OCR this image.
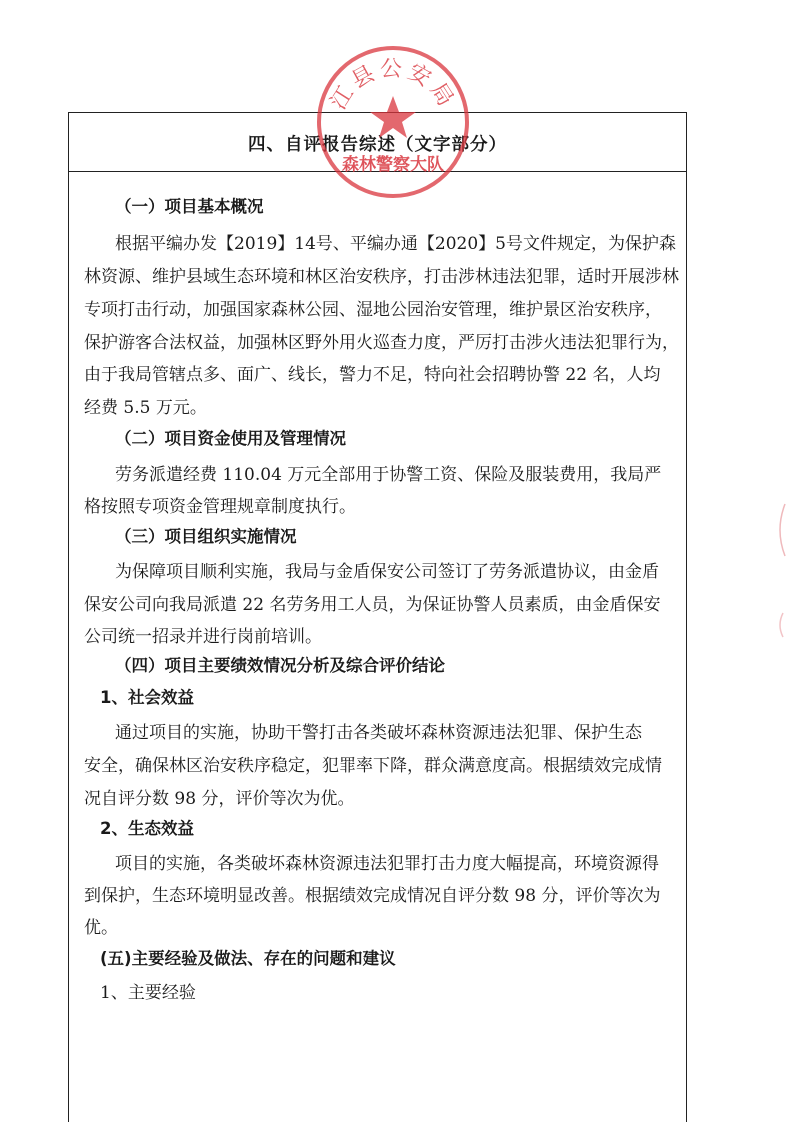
四、自评报告综述（文字部分）
江县公安局
森林警察大队
（一）项目基本概况
根据平编办发【2019】14号、平编办通【2020】5号文件规定，为保护森
林资源、维护县域生态环境和林区治安秩序，打击涉林违法犯罪，适时开展涉林
专项打击行动，加强国家森林公园、湿地公园治安管理，维护景区治安秩序，
保护游客合法权益，加强林区野外用火巡查力度，严厉打击涉火违法犯罪行为，
由于我局管辖点多、面广、线长，警力不足，特向社会招聘协警 22 名，人均
经费 5.5 万元。
（二）项目资金使用及管理情况
劳务派遣经费 110.04 万元全部用于协警工资、保险及服装费用，我局严
格按照专项资金管理规章制度执行。
（三）项目组织实施情况
为保障项目顺利实施，我局与金盾保安公司签订了劳务派遣协议，由金盾
保安公司向我局派遣 22 名劳务用工人员，为保证协警人员素质，由金盾保安
公司统一招录并进行岗前培训。
（四）项目主要绩效情况分析及综合评价结论
1、社会效益
通过项目的实施，协助干警打击各类破坏森林资源违法犯罪、保护生态
安全，确保林区治安秩序稳定，犯罪率下降，群众满意度高。根据绩效完成情
况自评分数 98 分，评价等次为优。
2、生态效益
项目的实施，各类破坏森林资源违法犯罪打击力度大幅提高，环境资源得
到保护，生态环境明显改善。根据绩效完成情况自评分数 98 分，评价等次为
优。
(五)主要经验及做法、存在的问题和建议
1、主要经验
